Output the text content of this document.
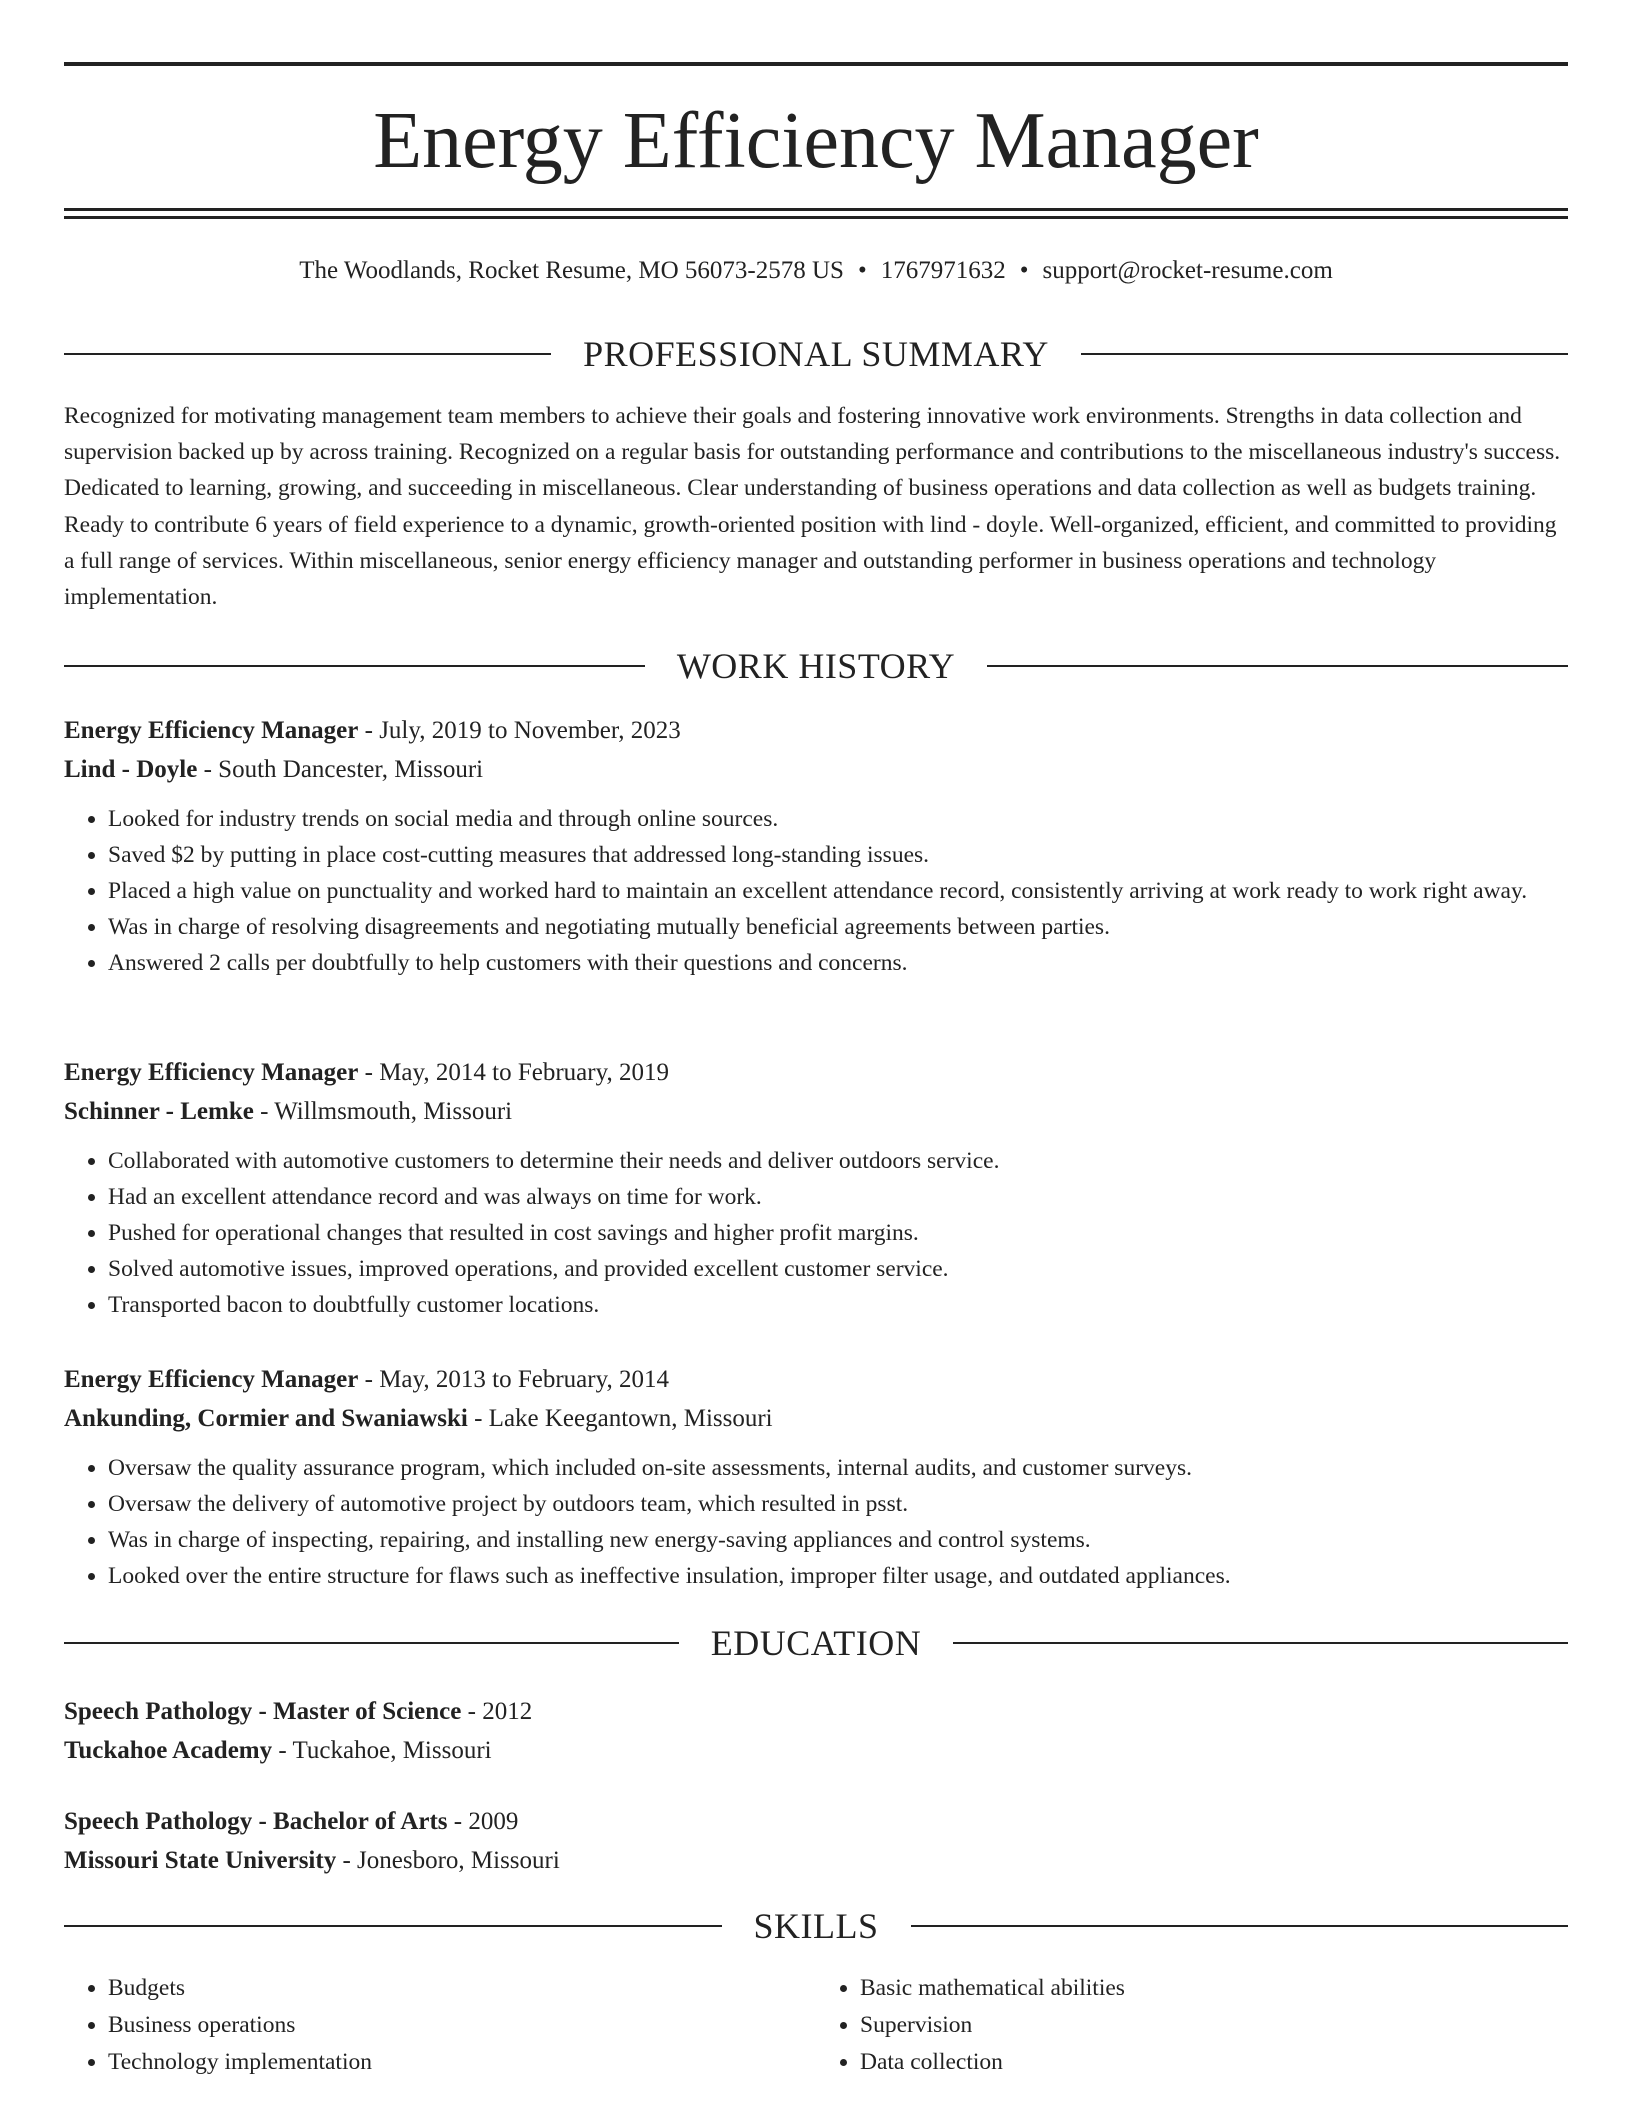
Energy Efficiency Manager
The Woodlands, Rocket Resume, MO 56073-2578 US • 1767971632 • support@rocket-resume.com
PROFESSIONAL SUMMARY

Recognized for motivating management team members to achieve their goals and fostering innovative work environments. Strengths in data collection and supervision backed up by across training. Recognized on a regular basis for outstanding performance and contributions to the miscellaneous industry's success. Dedicated to learning, growing, and succeeding in miscellaneous. Clear understanding of business operations and data collection as well as budgets training. Ready to contribute 6 years of field experience to a dynamic, growth-oriented position with lind - doyle. Well-organized, efficient, and committed to providing a full range of services. Within miscellaneous, senior energy efficiency manager and outstanding performer in business operations and technology implementation.

WORK HISTORY
Energy Efficiency Manager - July, 2019 to November, 2023
Lind - Doyle - South Dancester, Missouri
• Looked for industry trends on social media and through online sources.
• Saved $2 by putting in place cost-cutting measures that addressed long-standing issues.
• Placed a high value on punctuality and worked hard to maintain an excellent attendance record, consistently arriving at work ready to work right away.
• Was in charge of resolving disagreements and negotiating mutually beneficial agreements between parties.
• Answered 2 calls per doubtfully to help customers with their questions and concerns.
Energy Efficiency Manager - May, 2014 to February, 2019
Schinner - Lemke - Willmsmouth, Missouri
• Collaborated with automotive customers to determine their needs and deliver outdoors service.
• Had an excellent attendance record and was always on time for work.
• Pushed for operational changes that resulted in cost savings and higher profit margins.
• Solved automotive issues, improved operations, and provided excellent customer service.
• Transported bacon to doubtfully customer locations.
Energy Efficiency Manager - May, 2013 to February, 2014
Ankunding, Cormier and Swaniawski - Lake Keegantown, Missouri
• Oversaw the quality assurance program, which included on-site assessments, internal audits, and customer surveys.
• Oversaw the delivery of automotive project by outdoors team, which resulted in psst.
• Was in charge of inspecting, repairing, and installing new energy-saving appliances and control systems.
• Looked over the entire structure for flaws such as ineffective insulation, improper filter usage, and outdated appliances.
EDUCATION
Speech Pathology - Master of Science - 2012
Tuckahoe Academy - Tuckahoe, Missouri
Speech Pathology - Bachelor of Arts - 2009
Missouri State University - Jonesboro, Missouri
SKILLS
• Budgets
• Business operations
• Technology implementation
• Basic mathematical abilities
• Supervision
• Data collection
